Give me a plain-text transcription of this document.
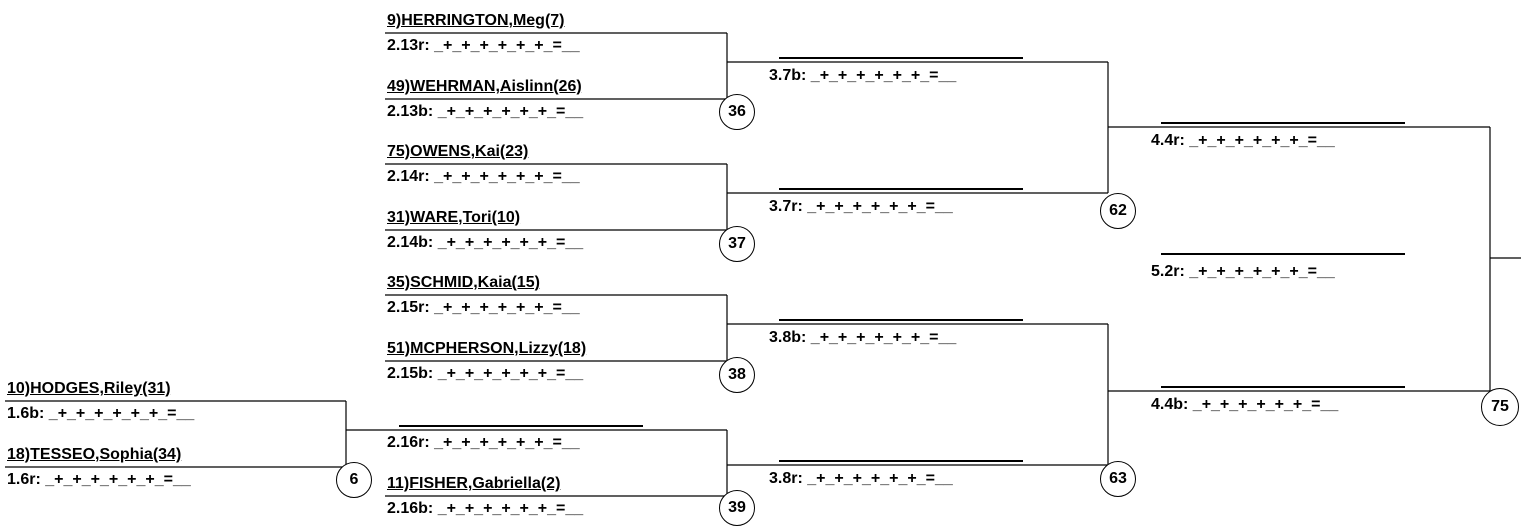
10)HODGES,Riley(31)
1.6b: _+_+_+_+_+_+_=__
18)TESSEO,Sophia(34)
1.6r: _+_+_+_+_+_+_=__	6
9)HERRINGTON,Meg(7)
2.13r: _+_+_+_+_+_+_=__
49)WEHRMAN,Aislinn(26)
2.13b: _+_+_+_+_+_+_=__	36
75)OWENS,Kai(23)
2.14r: _+_+_+_+_+_+_=__
31)WARE,Tori(10)
2.14b: _+_+_+_+_+_+_=__	37
35)SCHMID,Kaia(15)
2.15r: _+_+_+_+_+_+_=__
51)MCPHERSON,Lizzy(18)
2.15b: _+_+_+_+_+_+_=__	38
2.16r: _+_+_+_+_+_+_=__
11)FISHER,Gabriella(2)
2.16b: _+_+_+_+_+_+_=__	39
3.7b: _+_+_+_+_+_+_=__
3.7r: _+_+_+_+_+_+_=__	62
3.8b: _+_+_+_+_+_+_=__
3.8r: _+_+_+_+_+_+_=__	63
4.4r: _+_+_+_+_+_+_=__
4.4b: _+_+_+_+_+_+_=__	75
5.2r: _+_+_+_+_+_+_=__
